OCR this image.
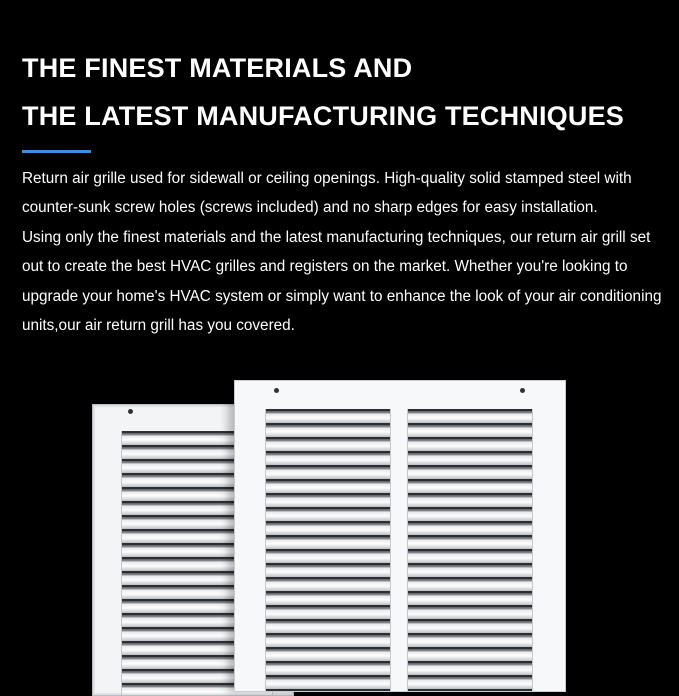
THE FINEST MATERIALS AND
THE LATEST MANUFACTURING TECHNIQUES

Return air grille used for sidewall or ceiling openings. High-quality solid stamped steel with counter-sunk screw holes (screws included) and no sharp edges for easy installation.

Using only the finest materials and the latest manufacturing techniques, our return air grill set out to create the best HVAC grilles and registers on the market. Whether you're looking to upgrade your home's HVAC system or simply want to enhance the look of your air conditioning units,our air return grill has you covered.
